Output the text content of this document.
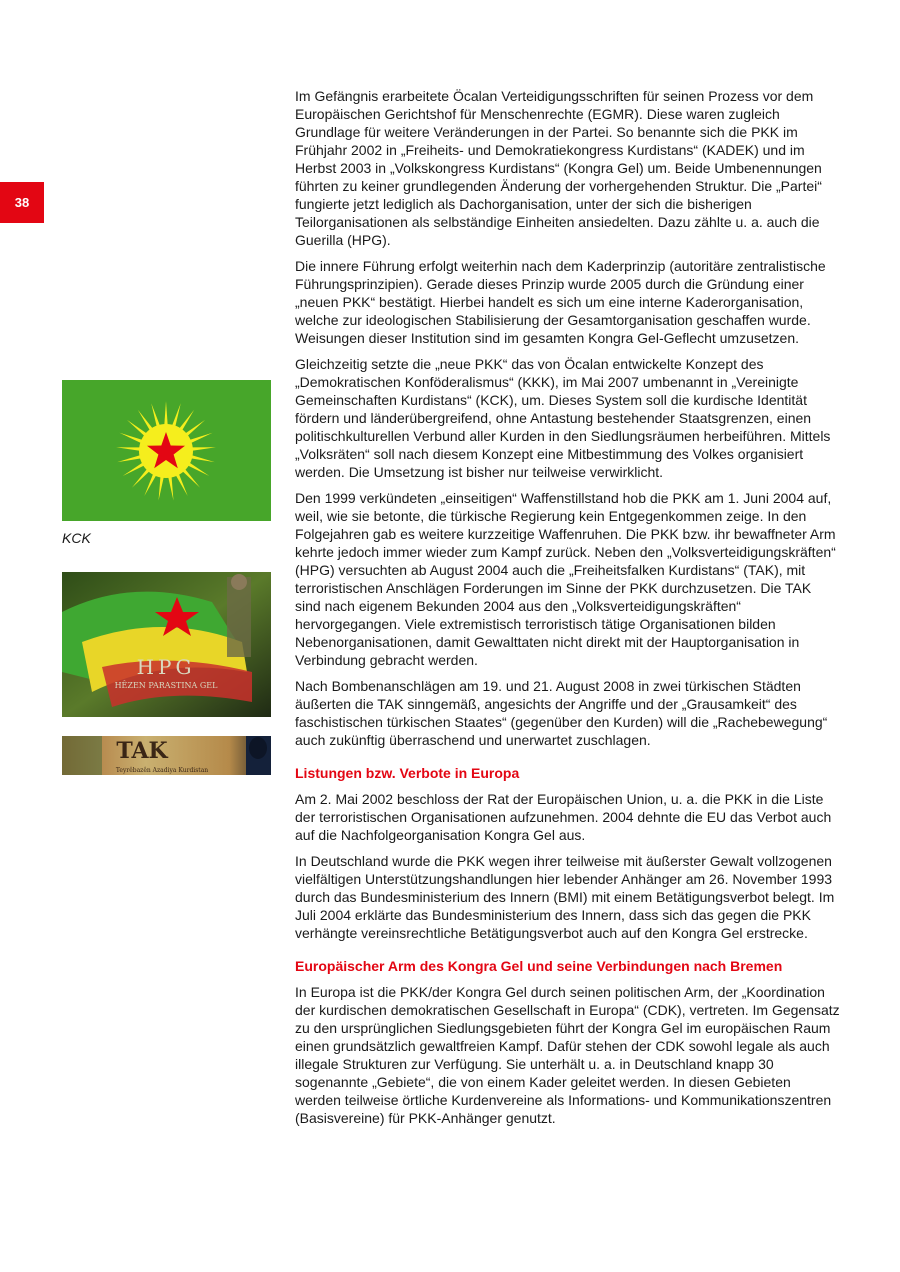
38
KCK
HPG
HÊZEN PARASTINA GEL
TAK
Teyrêbazên Azadiya Kurdistan

Im Gefängnis erarbeitete Öcalan Verteidigungsschriften für seinen Prozess vor dem Europäischen Gerichtshof für Menschenrechte (EGMR). Diese waren zugleich Grundlage für weitere Veränderungen in der Partei. So benannte sich die PKK im Frühjahr 2002 in „Freiheits- und Demokratiekongress Kurdistans“ (KADEK) und im Herbst 2003 in „Volkskongress Kurdistans“ (Kongra Gel) um. Beide Umbenennungen führten zu keiner grundlegenden Änderung der vorhergehenden Struktur. Die „Partei“ fungierte jetzt lediglich als Dachorganisation, unter der sich die bisherigen Teilorganisationen als selbständige Einheiten ansiedelten. Dazu zählte u. a. auch die Guerilla (HPG).

Die innere Führung erfolgt weiterhin nach dem Kaderprinzip (autoritäre zentralistische Führungsprinzipien). Gerade dieses Prinzip wurde 2005 durch die Gründung einer „neuen PKK“ bestätigt. Hierbei handelt es sich um eine interne Kaderorganisation, welche zur ideologischen Stabilisierung der Gesamtorganisation geschaffen wurde. Weisungen dieser Institution sind im gesamten Kongra Gel-Geflecht umzusetzen.

Gleichzeitig setzte die „neue PKK“ das von Öcalan entwickelte Konzept des „Demokratischen Konföderalismus“ (KKK), im Mai 2007 umbenannt in „Vereinigte Gemeinschaften Kurdistans“ (KCK), um. Dieses System soll die kurdische Identität fördern und länderübergreifend, ohne Antastung bestehender Staatsgrenzen, einen politischkulturellen Verbund aller Kurden in den Siedlungsräumen herbeiführen. Mittels „Volksräten“ soll nach diesem Konzept eine Mitbestimmung des Volkes organisiert werden. Die Umsetzung ist bisher nur teilweise verwirklicht.

Den 1999 verkündeten „einseitigen“ Waffenstillstand hob die PKK am 1. Juni 2004 auf, weil, wie sie betonte, die türkische Regierung kein Entgegenkommen zeige. In den Folgejahren gab es weitere kurzzeitige Waffenruhen. Die PKK bzw. ihr bewaffneter Arm kehrte jedoch immer wieder zum Kampf zurück. Neben den „Volksverteidigungskräften“ (HPG) versuchten ab August 2004 auch die „Freiheitsfalken Kurdistans“ (TAK), mit terroristischen Anschlägen Forderungen im Sinne der PKK durchzusetzen. Die TAK sind nach eigenem Bekunden 2004 aus den „Volksverteidigungskräften“ hervorgegangen. Viele extremistisch terroristisch tätige Organisationen bilden Nebenorganisationen, damit Gewalttaten nicht direkt mit der Hauptorganisation in Verbindung gebracht werden.

Nach Bombenanschlägen am 19. und 21. August 2008 in zwei türkischen Städten äußerten die TAK sinngemäß, angesichts der Angriffe und der „Grausamkeit“ des faschistischen türkischen Staates“ (gegenüber den Kurden) will die „Rachebewegung“ auch zukünftig überraschend und unerwartet zuschlagen.

Listungen bzw. Verbote in Europa

Am 2. Mai 2002 beschloss der Rat der Europäischen Union, u. a. die PKK in die Liste der terroristischen Organisationen aufzunehmen. 2004 dehnte die EU das Verbot auch auf die Nachfolgeorganisation Kongra Gel aus.

In Deutschland wurde die PKK wegen ihrer teilweise mit äußerster Gewalt vollzogenen vielfältigen Unterstützungshandlungen hier lebender Anhänger am 26. November 1993 durch das Bundesministerium des Innern (BMI) mit einem Betätigungsverbot belegt. Im Juli 2004 erklärte das Bundesministerium des Innern, dass sich das gegen die PKK verhängte vereinsrechtliche Betätigungsverbot auch auf den Kongra Gel erstrecke.

Europäischer Arm des Kongra Gel und seine Verbindungen nach Bremen

In Europa ist die PKK/der Kongra Gel durch seinen politischen Arm, der „Koordination der kurdischen demokratischen Gesellschaft in Europa“ (CDK), vertreten. Im Gegensatz zu den ursprünglichen Siedlungsgebieten führt der Kongra Gel im europäischen Raum einen grundsätzlich gewaltfreien Kampf. Dafür stehen der CDK sowohl legale als auch illegale Strukturen zur Verfügung. Sie unterhält u. a. in Deutschland knapp 30 sogenannte „Gebiete“, die von einem Kader geleitet werden. In diesen Gebieten werden teilweise örtliche Kurdenvereine als Informations- und Kommunikationszentren (Basisvereine) für PKK-Anhänger genutzt.
